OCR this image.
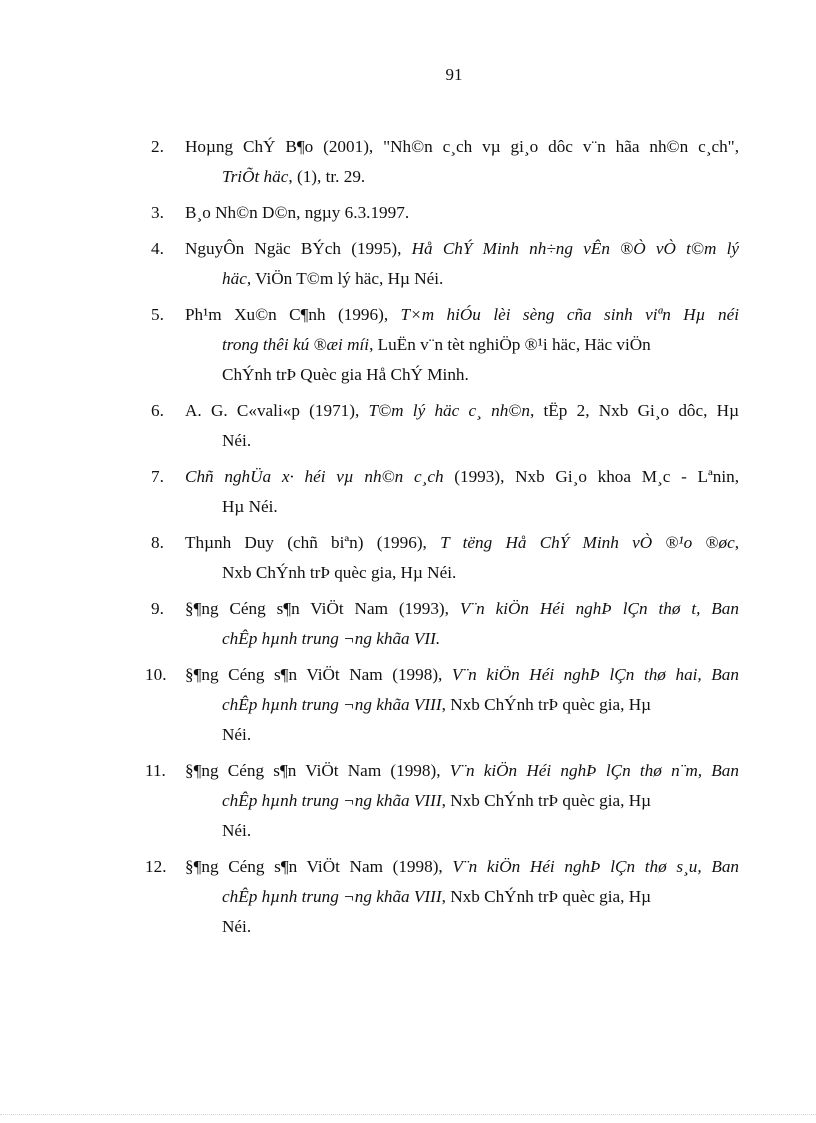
91
2.	Hoµng ChÝ B¶o (2001), "Nh©n c¸ch vµ gi¸o dôc v¨n hãa nh©n c¸ch",
TriÕt häc, (1), tr. 29.
3.	B¸o Nh©n D©n, ngµy 6.3.1997.
4.	NguyÔn Ngäc BÝch (1995), Hå ChÝ Minh nh÷ng vÊn ®Ò vÒ t©m lý
häc, ViÖn T©m lý häc, Hµ Néi.
5.	Ph¹m Xu©n C¶nh (1996), T×m hiÓu lèi sèng cña sinh viªn Hµ néi
trong thêi kú ®æi míi, LuËn v¨n tèt nghiÖp ®¹i häc, Häc viÖn
ChÝnh trÞ Quèc gia Hå ChÝ Minh.
6.	A. G. C«vali«p (1971), T©m lý häc c¸ nh©n, tËp 2, Nxb Gi¸o dôc, Hµ
Néi.
7.	Chñ nghÜa x· héi vµ nh©n c¸ch (1993), Nxb Gi¸o khoa M¸c - Lªnin,
Hµ Néi.
8.	Thµnh Duy (chñ biªn) (1996), T tëng Hå ChÝ Minh vÒ ®¹o ®øc,
Nxb ChÝnh trÞ quèc gia, Hµ Néi.
9.	§¶ng Céng s¶n ViÖt Nam (1993), V¨n kiÖn Héi nghÞ lÇn thø t, Ban
chÊp hµnh trung ¬ng khãa VII.
10.	§¶ng Céng s¶n ViÖt Nam (1998), V¨n kiÖn Héi nghÞ lÇn thø hai, Ban
chÊp hµnh trung ¬ng khãa VIII, Nxb ChÝnh trÞ quèc gia, Hµ
Néi.
11.	§¶ng Céng s¶n ViÖt Nam (1998), V¨n kiÖn Héi nghÞ lÇn thø n¨m, Ban
chÊp hµnh trung ¬ng khãa VIII, Nxb ChÝnh trÞ quèc gia, Hµ
Néi.
12.	§¶ng Céng s¶n ViÖt Nam (1998), V¨n kiÖn Héi nghÞ lÇn thø s¸u, Ban
chÊp hµnh trung ¬ng khãa VIII, Nxb ChÝnh trÞ quèc gia, Hµ
Néi.
